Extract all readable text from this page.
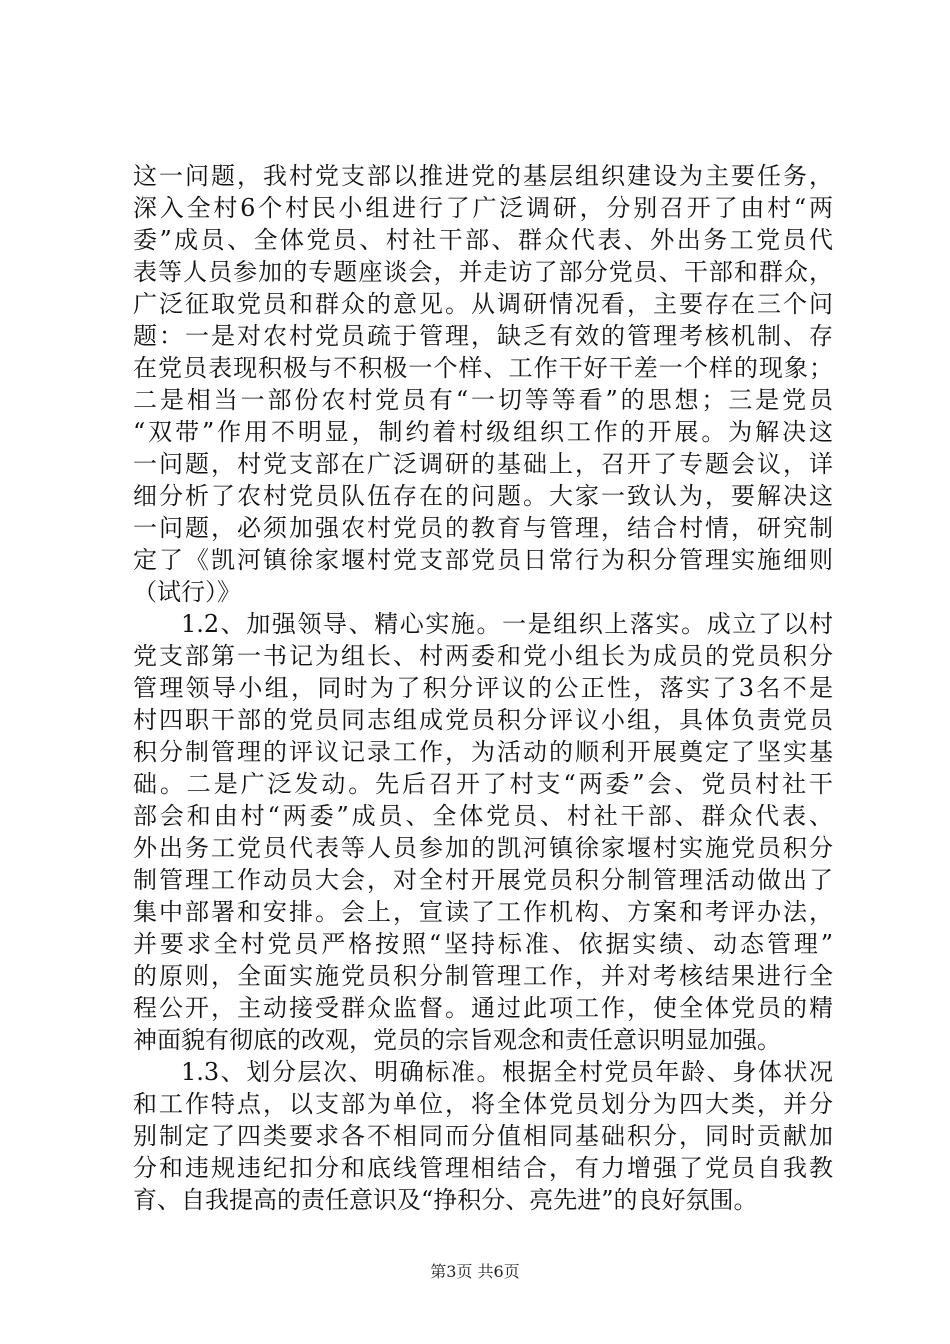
这一问题，我村党支部以推进党的基层组织建设为主要任务，
深入全村6个村民小组进行了广泛调研，分别召开了由村“两
委”成员、全体党员、村社干部、群众代表、外出务工党员代
表等人员参加的专题座谈会，并走访了部分党员、干部和群众，
广泛征取党员和群众的意见。从调研情况看，主要存在三个问
题：一是对农村党员疏于管理，缺乏有效的管理考核机制、存
在党员表现积极与不积极一个样、工作干好干差一个样的现象；
二是相当一部份农村党员有“一切等等看”的思想；三是党员
“双带”作用不明显，制约着村级组织工作的开展。为解决这
一问题，村党支部在广泛调研的基础上，召开了专题会议，详
细分析了农村党员队伍存在的问题。大家一致认为，要解决这
一问题，必须加强农村党员的教育与管理，结合村情，研究制
定了《凯河镇徐家堰村党支部党员日常行为积分管理实施细则
（试行）》
1.2、加强领导、精心实施。一是组织上落实。成立了以村
党支部第一书记为组长、村两委和党小组长为成员的党员积分
管理领导小组，同时为了积分评议的公正性，落实了3名不是
村四职干部的党员同志组成党员积分评议小组，具体负责党员
积分制管理的评议记录工作，为活动的顺利开展奠定了坚实基
础。二是广泛发动。先后召开了村支“两委”会、党员村社干
部会和由村“两委”成员、全体党员、村社干部、群众代表、
外出务工党员代表等人员参加的凯河镇徐家堰村实施党员积分
制管理工作动员大会，对全村开展党员积分制管理活动做出了
集中部署和安排。会上，宣读了工作机构、方案和考评办法，
并要求全村党员严格按照“坚持标准、依据实绩、动态管理”
的原则，全面实施党员积分制管理工作，并对考核结果进行全
程公开，主动接受群众监督。通过此项工作，使全体党员的精
神面貌有彻底的改观，党员的宗旨观念和责任意识明显加强。
1.3、划分层次、明确标准。根据全村党员年龄、身体状况
和工作特点，以支部为单位，将全体党员划分为四大类，并分
别制定了四类要求各不相同而分值相同基础积分，同时贡献加
分和违规违纪扣分和底线管理相结合，有力增强了党员自我教
育、自我提高的责任意识及“挣积分、亮先进”的良好氛围。
第3页 共6页
